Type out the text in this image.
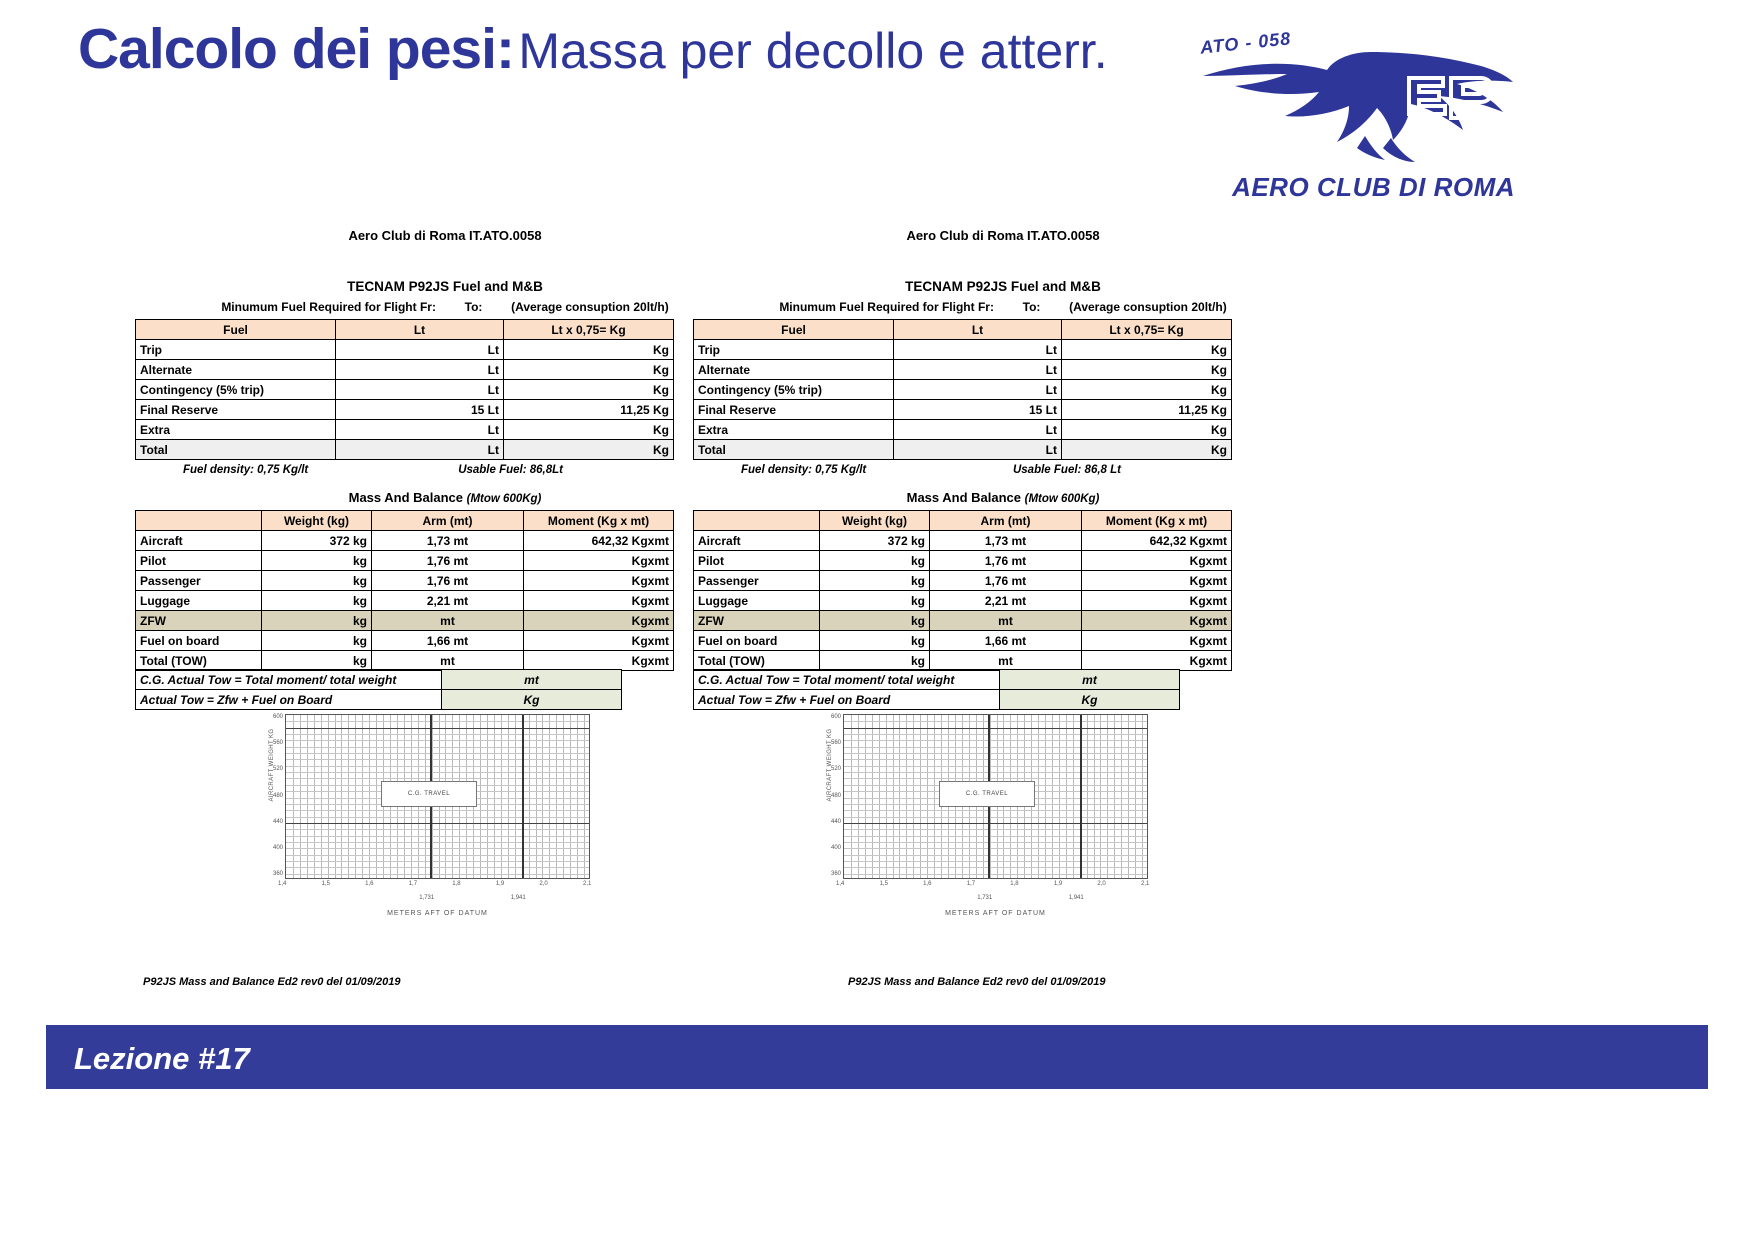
Calcolo dei pesi: Massa per decollo e atterr.	ATO - 058
AERO CLUB DI ROMA
Aero Club di Roma IT.ATO.0058
TECNAM P92JS Fuel and M&B
Minumum Fuel Required for Flight Fr: To: (Average consuption 20lt/h)
Fuel	Lt	Lt x 0,75= Kg
Trip	Lt	Kg
Alternate	Lt	Kg
Contingency (5% trip)	Lt	Kg
Final Reserve	15 Lt	11,25 Kg
Extra	Lt	Kg
Total	Lt	Kg
Fuel density: 0,75 Kg/lt	Usable Fuel: 86,8Lt
Mass And Balance (Mtow 600Kg)
	Weight (kg)	Arm (mt)	Moment (Kg x mt)
Aircraft	372 kg	1,73 mt	642,32 Kgxmt
Pilot	kg	1,76 mt	Kgxmt
Passenger	kg	1,76 mt	Kgxmt
Luggage	kg	2,21 mt	Kgxmt
ZFW	kg	mt	Kgxmt
Fuel on board	kg	1,66 mt	Kgxmt
Total (TOW)	kg	mt	Kgxmt
C.G. Actual Tow = Total moment/ total weight	mt
Actual Tow = Zfw + Fuel on Board	Kg
AIRCRAFT WEIGHT KG
600
560
520
480
440
400
360
C.G. TRAVEL
1,4	1,5	1,6	1,7	1,8	1,9	2,0	2,1
1,731	1,941
METERS AFT OF DATUM
P92JS Mass and Balance Ed2 rev0 del 01/09/2019
Aero Club di Roma IT.ATO.0058
TECNAM P92JS Fuel and M&B
Minumum Fuel Required for Flight Fr: To: (Average consuption 20lt/h)
Fuel	Lt	Lt x 0,75= Kg
Trip	Lt	Kg
Alternate	Lt	Kg
Contingency (5% trip)	Lt	Kg
Final Reserve	15 Lt	11,25 Kg
Extra	Lt	Kg
Total	Lt	Kg
Fuel density: 0,75 Kg/lt	Usable Fuel: 86,8 Lt
Mass And Balance (Mtow 600Kg)
	Weight (kg)	Arm (mt)	Moment (Kg x mt)
Aircraft	372 kg	1,73 mt	642,32 Kgxmt
Pilot	kg	1,76 mt	Kgxmt
Passenger	kg	1,76 mt	Kgxmt
Luggage	kg	2,21 mt	Kgxmt
ZFW	kg	mt	Kgxmt
Fuel on board	kg	1,66 mt	Kgxmt
Total (TOW)	kg	mt	Kgxmt
C.G. Actual Tow = Total moment/ total weight	mt
Actual Tow = Zfw + Fuel on Board	Kg
AIRCRAFT WEIGHT KG
600
560
520
480
440
400
360
C.G. TRAVEL
1,4	1,5	1,6	1,7	1,8	1,9	2,0	2,1
1,731	1,941
METERS AFT OF DATUM
P92JS Mass and Balance Ed2 rev0 del 01/09/2019
Lezione #17
